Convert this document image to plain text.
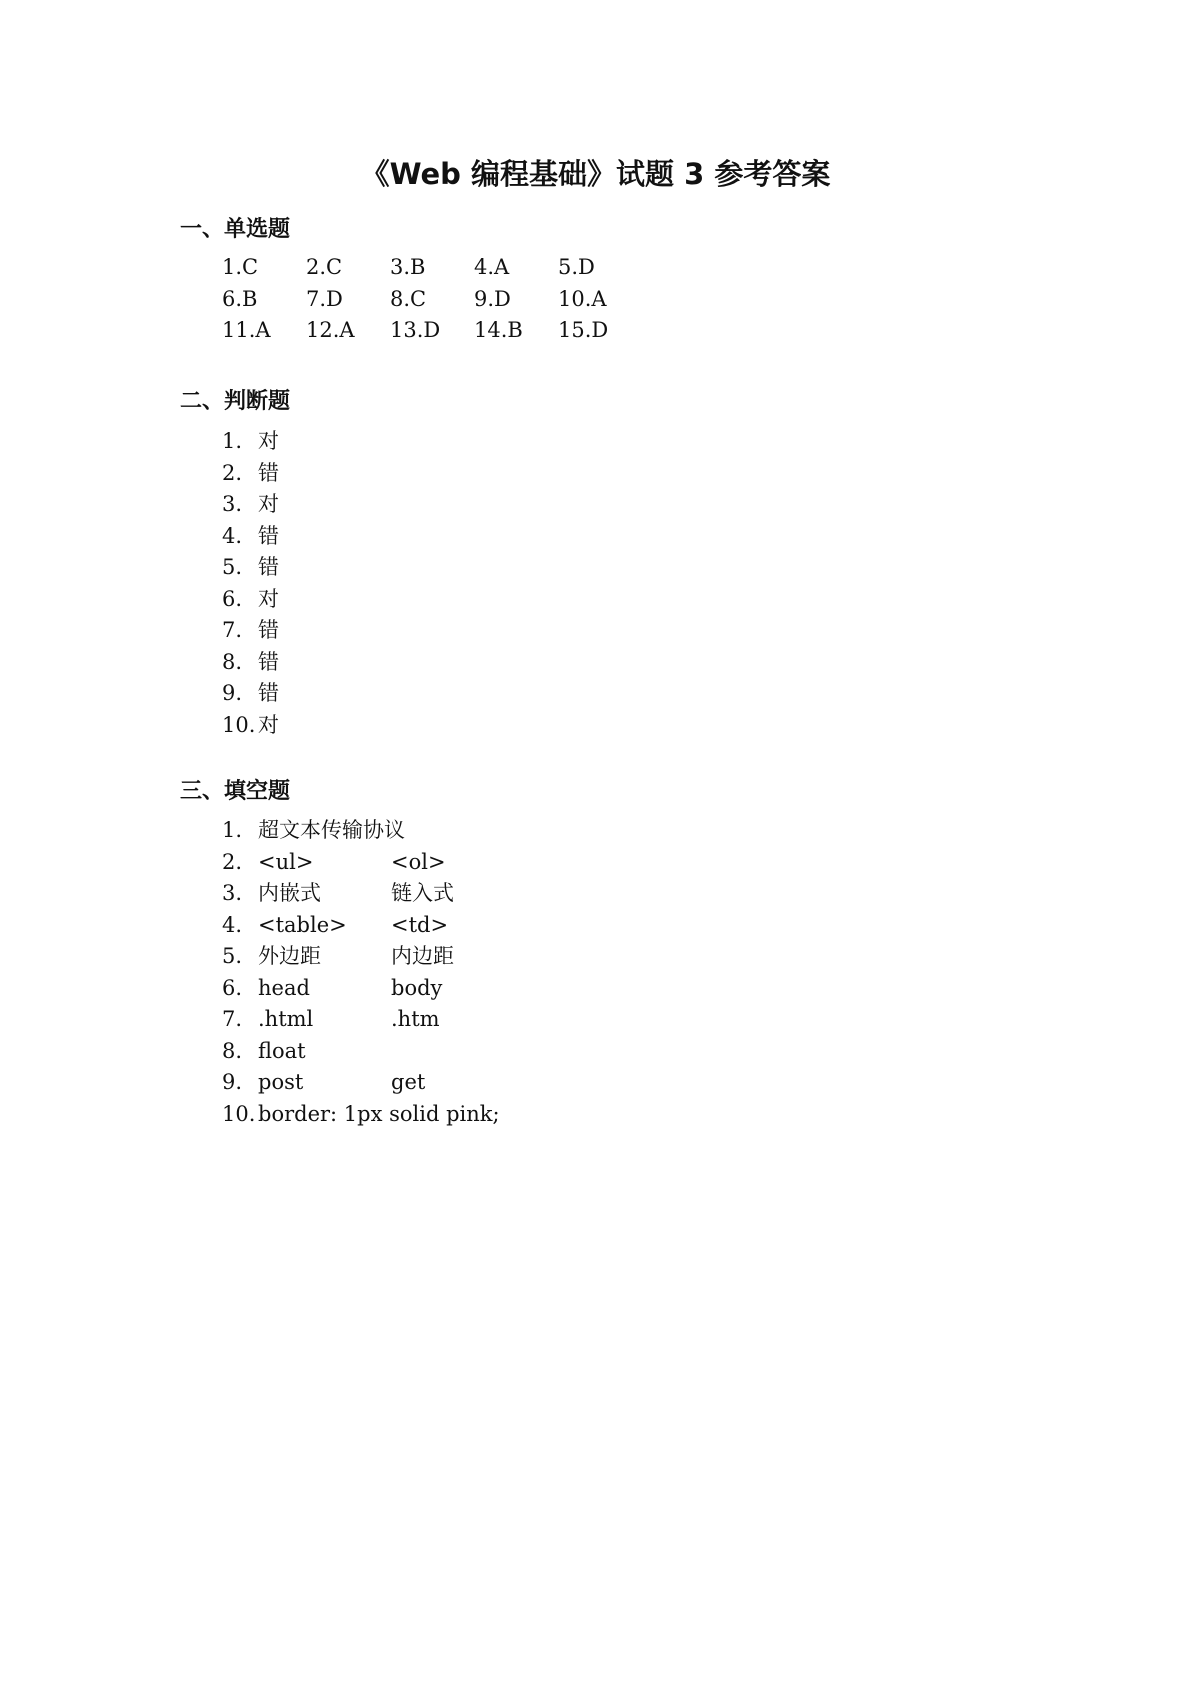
《Web 编程基础》试题 3 参考答案
一、单选题
1.C	2.C	3.B	4.A	5.D
6.B	7.D	8.C	9.D	10.A
11.A	12.A	13.D	14.B	15.D
二、判断题
1. 对
2. 错
3. 对
4. 错
5. 错
6. 对
7. 错
8. 错
9. 错
10. 对
三、填空题
1. 超文本传输协议
2. <ul>	<ol>
3. 内嵌式	链入式
4. <table>	<td>
5. 外边距	内边距
6. head	body
7. .html	.htm
8. float
9. post	get
10. border: 1px solid pink;
